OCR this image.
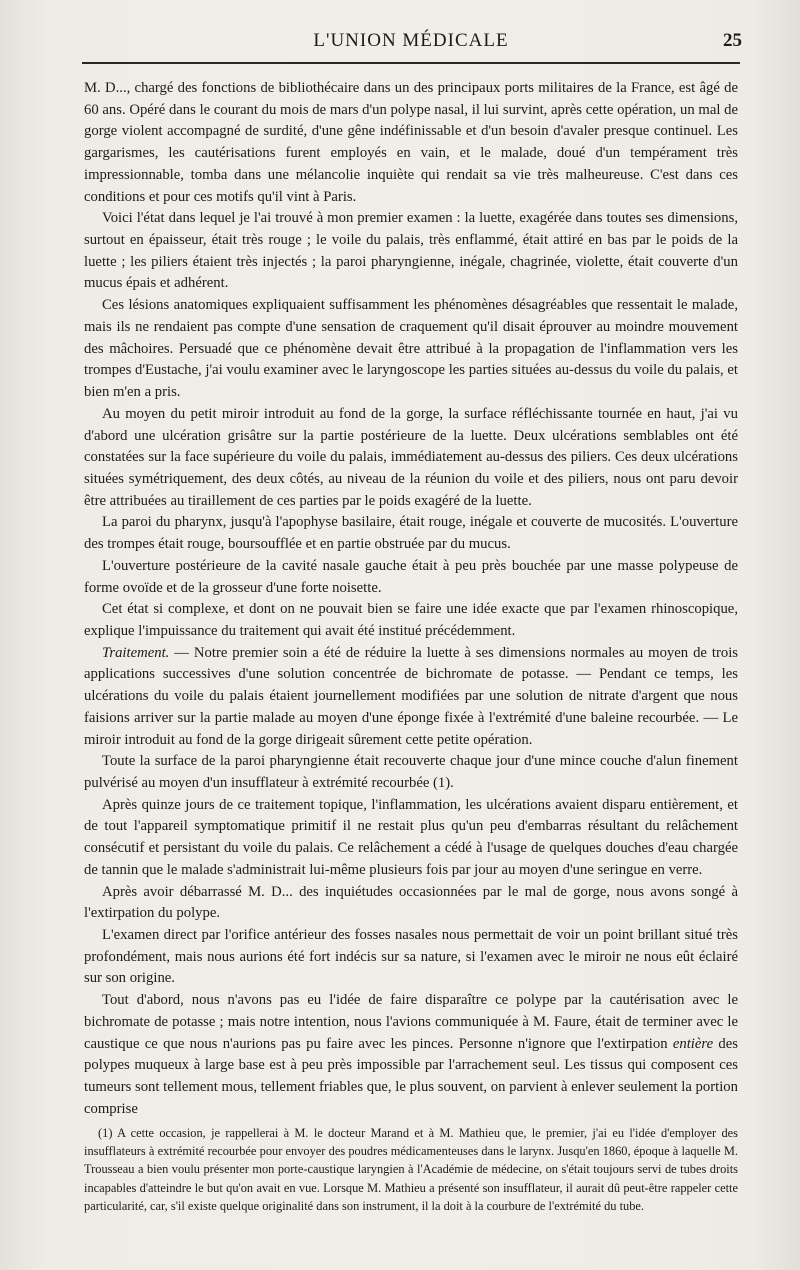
L'UNION MÉDICALE	25

M. D..., chargé des fonctions de bibliothécaire dans un des principaux ports militaires de la France, est âgé de 60 ans. Opéré dans le courant du mois de mars d'un polype nasal, il lui survint, après cette opération, un mal de gorge violent accompagné de surdité, d'une gêne indéfinissable et d'un besoin d'avaler presque continuel. Les gargarismes, les cautérisations furent employés en vain, et le malade, doué d'un tempérament très impressionnable, tomba dans une mélancolie inquiète qui rendait sa vie très malheureuse. C'est dans ces conditions et pour ces motifs qu'il vint à Paris.

Voici l'état dans lequel je l'ai trouvé à mon premier examen : la luette, exagérée dans toutes ses dimensions, surtout en épaisseur, était très rouge ; le voile du palais, très enflammé, était attiré en bas par le poids de la luette ; les piliers étaient très injectés ; la paroi pharyngienne, inégale, chagrinée, violette, était couverte d'un mucus épais et adhérent.

Ces lésions anatomiques expliquaient suffisamment les phénomènes désagréables que ressentait le malade, mais ils ne rendaient pas compte d'une sensation de craquement qu'il disait éprouver au moindre mouvement des mâchoires. Persuadé que ce phénomène devait être attribué à la propagation de l'inflammation vers les trompes d'Eustache, j'ai voulu examiner avec le laryngoscope les parties situées au-dessus du voile du palais, et bien m'en a pris.

Au moyen du petit miroir introduit au fond de la gorge, la surface réfléchissante tournée en haut, j'ai vu d'abord une ulcération grisâtre sur la partie postérieure de la luette. Deux ulcérations semblables ont été constatées sur la face supérieure du voile du palais, immédiatement au-dessus des piliers. Ces deux ulcérations situées symétriquement, des deux côtés, au niveau de la réunion du voile et des piliers, nous ont paru devoir être attribuées au tiraillement de ces parties par le poids exagéré de la luette.

La paroi du pharynx, jusqu'à l'apophyse basilaire, était rouge, inégale et couverte de mucosités. L'ouverture des trompes était rouge, boursoufflée et en partie obstruée par du mucus.

L'ouverture postérieure de la cavité nasale gauche était à peu près bouchée par une masse polypeuse de forme ovoïde et de la grosseur d'une forte noisette.

Cet état si complexe, et dont on ne pouvait bien se faire une idée exacte que par l'examen rhinoscopique, explique l'impuissance du traitement qui avait été institué précédemment.

Traitement. — Notre premier soin a été de réduire la luette à ses dimensions normales au moyen de trois applications successives d'une solution concentrée de bichromate de potasse. — Pendant ce temps, les ulcérations du voile du palais étaient journellement modifiées par une solution de nitrate d'argent que nous faisions arriver sur la partie malade au moyen d'une éponge fixée à l'extrémité d'une baleine recourbée. — Le miroir introduit au fond de la gorge dirigeait sûrement cette petite opération.

Toute la surface de la paroi pharyngienne était recouverte chaque jour d'une mince couche d'alun finement pulvérisé au moyen d'un insufflateur à extrémité recourbée (1).

Après quinze jours de ce traitement topique, l'inflammation, les ulcérations avaient disparu entièrement, et de tout l'appareil symptomatique primitif il ne restait plus qu'un peu d'embarras résultant du relâchement consécutif et persistant du voile du palais. Ce relâchement a cédé à l'usage de quelques douches d'eau chargée de tannin que le malade s'administrait lui-même plusieurs fois par jour au moyen d'une seringue en verre.

Après avoir débarrassé M. D... des inquiétudes occasionnées par le mal de gorge, nous avons songé à l'extirpation du polype.

L'examen direct par l'orifice antérieur des fosses nasales nous permettait de voir un point brillant situé très profondément, mais nous aurions été fort indécis sur sa nature, si l'examen avec le miroir ne nous eût éclairé sur son origine.

Tout d'abord, nous n'avons pas eu l'idée de faire disparaître ce polype par la cautérisation avec le bichromate de potasse ; mais notre intention, nous l'avions communiquée à M. Faure, était de terminer avec le caustique ce que nous n'aurions pas pu faire avec les pinces. Personne n'ignore que l'extirpation entière des polypes muqueux à large base est à peu près impossible par l'arrachement seul. Les tissus qui composent ces tumeurs sont tellement mous, tellement friables que, le plus souvent, on parvient à enlever seulement la portion comprise

(1) A cette occasion, je rappellerai à M. le docteur Marand et à M. Mathieu que, le premier, j'ai eu l'idée d'employer des insufflateurs à extrémité recourbée pour envoyer des poudres médicamenteuses dans le larynx. Jusqu'en 1860, époque à laquelle M. Trousseau a bien voulu présenter mon porte-caustique laryngien à l'Académie de médecine, on s'était toujours servi de tubes droits incapables d'atteindre le but qu'on avait en vue. Lorsque M. Mathieu a présenté son insufflateur, il aurait dû peut-être rappeler cette particularité, car, s'il existe quelque originalité dans son instrument, il la doit à la courbure de l'extrémité du tube.
